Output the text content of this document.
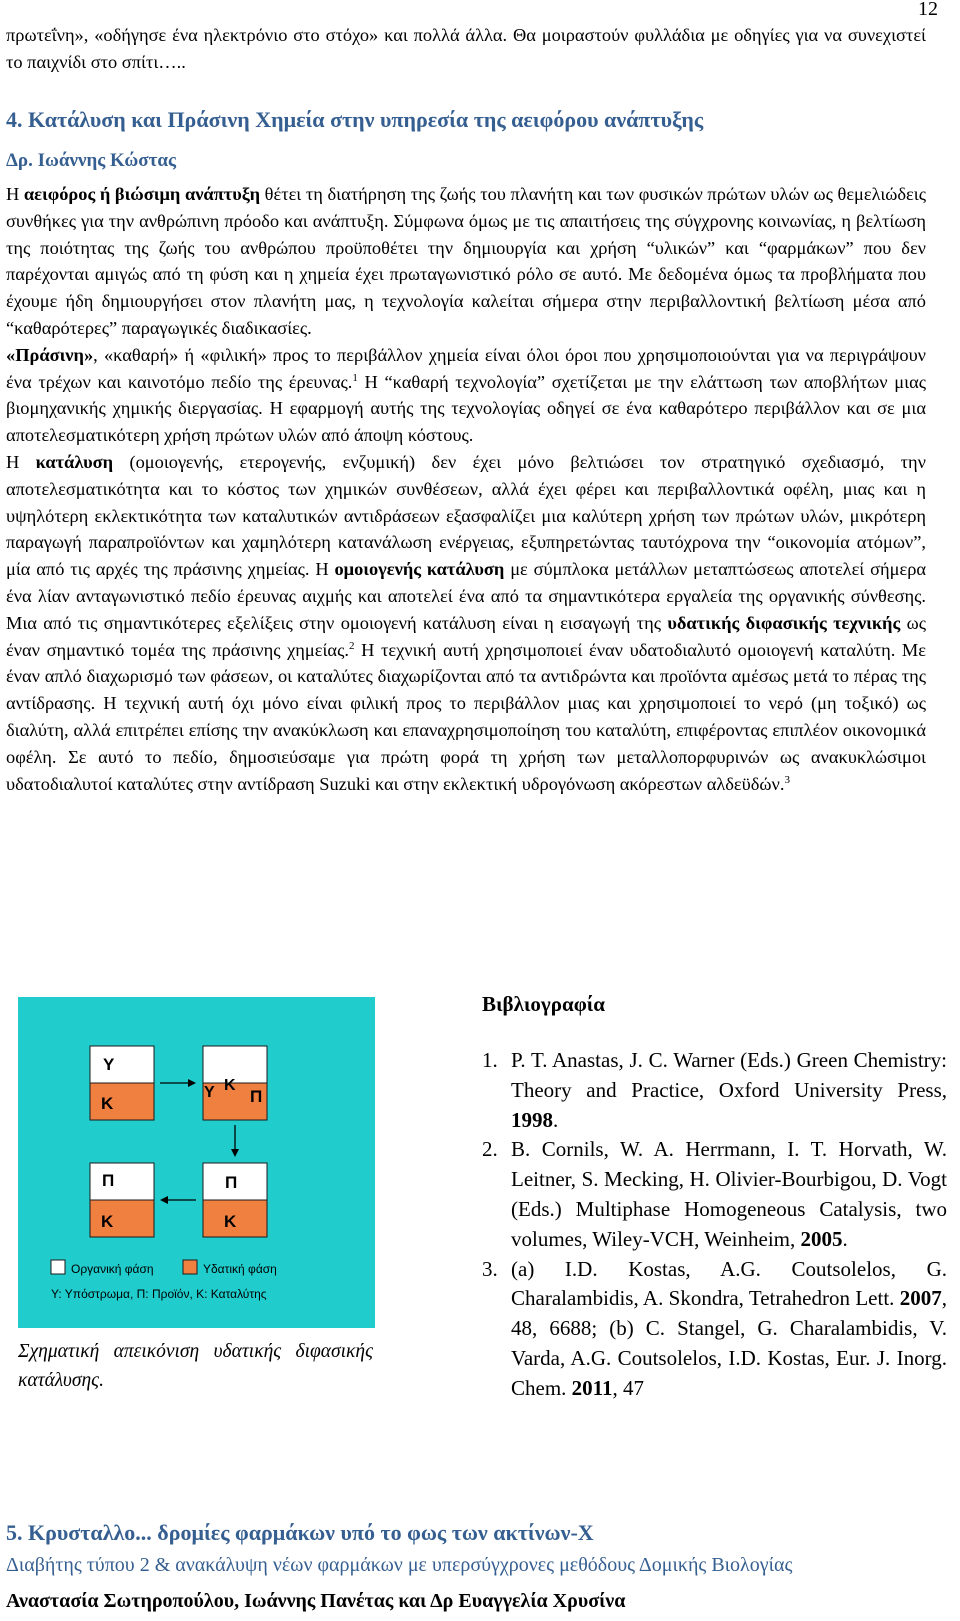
12
πρωτεΐνη», «οδήγησε ένα ηλεκτρόνιο στο στόχο» και πολλά άλλα. Θα μοιραστούν φυλλάδια με οδηγίες για να συνεχιστεί το παιχνίδι στο σπίτι…..
4. Κατάλυση και Πράσινη Χημεία στην υπηρεσία της αειφόρου ανάπτυξης
Δρ. Ιωάννης Κώστας

Η αειφόρος ή βιώσιμη ανάπτυξη θέτει τη διατήρηση της ζωής του πλανήτη και των φυσικών πρώτων υλών ως θεμελιώδεις συνθήκες για την ανθρώπινη πρόοδο και ανάπτυξη. Σύμφωνα όμως με τις απαιτήσεις της σύγχρονης κοινωνίας, η βελτίωση της ποιότητας της ζωής του ανθρώπου προϋποθέτει την δημιουργία και χρήση “υλικών” και “φαρμάκων” που δεν παρέχονται αμιγώς από τη φύση και η χημεία έχει πρωταγωνιστικό ρόλο σε αυτό. Με δεδομένα όμως τα προβλήματα που έχουμε ήδη δημιουργήσει στον πλανήτη μας, η τεχνολογία καλείται σήμερα στην περιβαλλοντική βελτίωση μέσα από “καθαρότερες” παραγωγικές διαδικασίες.

«Πράσινη», «καθαρή» ή «φιλική» προς το περιβάλλον χημεία είναι όλοι όροι που χρησιμοποιούνται για να περιγράψουν ένα τρέχων και καινοτόμο πεδίο της έρευνας.$^1$ Η “καθαρή τεχνολογία” σχετίζεται με την ελάττωση των αποβλήτων μιας βιομηχανικής χημικής διεργασίας. Η εφαρμογή αυτής της τεχνολογίας οδηγεί σε ένα καθαρότερο περιβάλλον και σε μια αποτελεσματικότερη χρήση πρώτων υλών από άποψη κόστους.

Η κατάλυση (ομοιογενής, ετερογενής, ενζυμική) δεν έχει μόνο βελτιώσει τον στρατηγικό σχεδιασμό, την αποτελεσματικότητα και το κόστος των χημικών συνθέσεων, αλλά έχει φέρει και περιβαλλοντικά οφέλη, μιας και η υψηλότερη εκλεκτικότητα των καταλυτικών αντιδράσεων εξασφαλίζει μια καλύτερη χρήση των πρώτων υλών, μικρότερη παραγωγή παραπροϊόντων και χαμηλότερη κατανάλωση ενέργειας, εξυπηρετώντας ταυτόχρονα την “οικονομία ατόμων”, μία από τις αρχές της πράσινης χημείας. Η ομοιογενής κατάλυση με σύμπλοκα μετάλλων μεταπτώσεως αποτελεί σήμερα ένα λίαν ανταγωνιστικό πεδίο έρευνας αιχμής και αποτελεί ένα από τα σημαντικότερα εργαλεία της οργανικής σύνθεσης. Μια από τις σημαντικότερες εξελίξεις στην ομοιογενή κατάλυση είναι η εισαγωγή της υδατικής διφασικής τεχνικής ως έναν σημαντικό τομέα της πράσινης χημείας.$^2$ Η τεχνική αυτή χρησιμοποιεί έναν υδατοδιαλυτό ομοιογενή καταλύτη. Με έναν απλό διαχωρισμό των φάσεων, οι καταλύτες διαχωρίζονται από τα αντιδρώντα και προϊόντα αμέσως μετά το πέρας της αντίδρασης. Η τεχνική αυτή όχι μόνο είναι φιλική προς το περιβάλλον μιας και χρησιμοποιεί το νερό (μη τοξικό) ως διαλύτη, αλλά επιτρέπει επίσης την ανακύκλωση και επαναχρησιμοποίηση του καταλύτη, επιφέροντας επιπλέον οικονομικά οφέλη. Σε αυτό το πεδίο, δημοσιεύσαμε για πρώτη φορά τη χρήση των μεταλλοπορφυρινών ως ανακυκλώσιμοι υδατοδιαλυτοί καταλύτες στην αντίδραση Suzuki και στην εκλεκτική υδρογόνωση ακόρεστων αλδεϋδών.$^3$

Υ
Κ
Υ Κ
Π
Π
Κ
Π
Κ
Οργανική φάση	Υδατική φάση
Υ: Υπόστρωμα, Π: Προϊόν, Κ: Καταλύτης
Σχηματική απεικόνιση υδατικής διφασικής κατάλυσης.
Βιβλιογραφία
1. P. T. Anastas, J. C. Warner (Eds.) Green Chemistry: Theory and Practice, Oxford University Press, 1998.
2. B. Cornils, W. A. Herrmann, I. T. Horvath, W. Leitner, S. Mecking, H. Olivier-Bourbigou, D. Vogt (Eds.) Multiphase Homogeneous Catalysis, two volumes, Wiley-VCH, Weinheim, 2005.
3. (a) I.D. Kostas, A.G. Coutsolelos, G. Charalambidis, A. Skondra, Tetrahedron Lett. 2007, 48, 6688; (b) C. Stangel, G. Charalambidis, V. Varda, A.G. Coutsolelos, I.D. Kostas, Eur. J. Inorg. Chem. 2011, 47
5. Κρυσταλλο... δρομίες φαρμάκων υπό το φως των ακτίνων-Χ
Διαβήτης τύπου 2 & ανακάλυψη νέων φαρμάκων με υπερσύγχρονες μεθόδους Δομικής Βιολογίας
Αναστασία Σωτηροπούλου, Ιωάννης Πανέτας και Δρ Ευαγγελία Χρυσίνα
